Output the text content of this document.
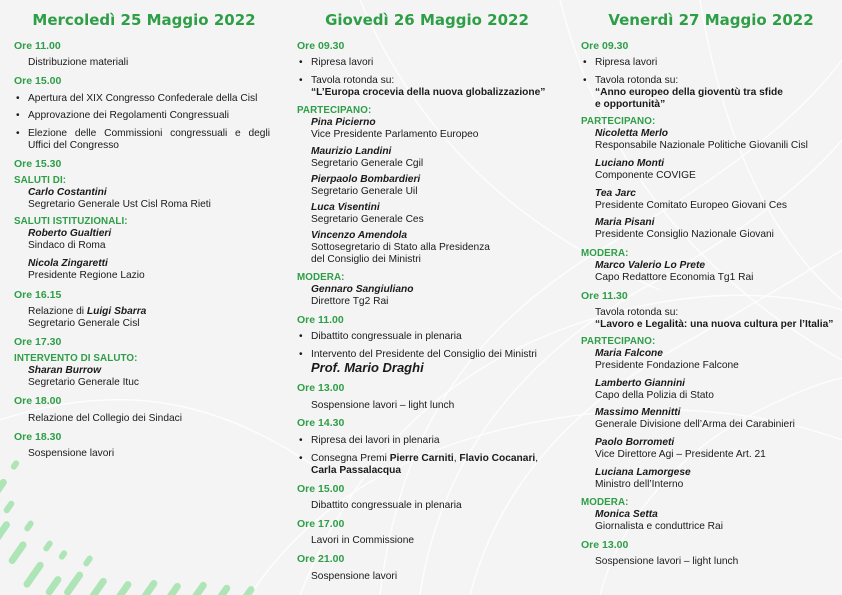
Mercoledì 25 Maggio 2022
Ore 11.00
Distribuzione materiali
Ore 15.00
• Apertura del XIX Congresso Confederale della Cisl
• Approvazione dei Regolamenti Congressuali
• Elezione delle Commissioni congressuali e degli Uffici del Congresso
Ore 15.30
SALUTI DI:
Carlo Costantini
Segretario Generale Ust Cisl Roma Rieti
SALUTI ISTITUZIONALI:
Roberto Gualtieri
Sindaco di Roma
Nicola Zingaretti
Presidente Regione Lazio
Ore 16.15
Relazione di Luigi Sbarra
Segretario Generale Cisl
Ore 17.30
INTERVENTO DI SALUTO:
Sharan Burrow
Segretario Generale Ituc
Ore 18.00
Relazione del Collegio dei Sindaci
Ore 18.30
Sospensione lavori
Giovedì 26 Maggio 2022
Ore 09.30
• Ripresa lavori
• Tavola rotonda su:
“L’Europa crocevia della nuova globalizzazione”
PARTECIPANO:
Pina Picierno
Vice Presidente Parlamento Europeo
Maurizio Landini
Segretario Generale Cgil
Pierpaolo Bombardieri
Segretario Generale Uil
Luca Visentini
Segretario Generale Ces
Vincenzo Amendola
Sottosegretario di Stato alla Presidenza
del Consiglio dei Ministri
MODERA:
Gennaro Sangiuliano
Direttore Tg2 Rai
Ore 11.00
• Dibattito congressuale in plenaria
• Intervento del Presidente del Consiglio dei Ministri
Prof. Mario Draghi
Ore 13.00
Sospensione lavori – light lunch
Ore 14.30
• Ripresa dei lavori in plenaria
• Consegna Premi Pierre Carniti, Flavio Cocanari,
Carla Passalacqua
Ore 15.00
Dibattito congressuale in plenaria
Ore 17.00
Lavori in Commissione
Ore 21.00
Sospensione lavori
Venerdì 27 Maggio 2022
Ore 09.30
• Ripresa lavori
• Tavola rotonda su:
“Anno europeo della gioventù tra sfide
e opportunità”
PARTECIPANO:
Nicoletta Merlo
Responsabile Nazionale Politiche Giovanili Cisl
Luciano Monti
Componente COVIGE
Tea Jarc
Presidente Comitato Europeo Giovani Ces
Maria Pisani
Presidente Consiglio Nazionale Giovani
MODERA:
Marco Valerio Lo Prete
Capo Redattore Economia Tg1 Rai
Ore 11.30
Tavola rotonda su:
“Lavoro e Legalità: una nuova cultura per l’Italia”
PARTECIPANO:
Maria Falcone
Presidente Fondazione Falcone
Lamberto Giannini
Capo della Polizia di Stato
Massimo Mennitti
Generale Divisione dell’Arma dei Carabinieri
Paolo Borrometi
Vice Direttore Agi – Presidente Art. 21
Luciana Lamorgese
Ministro dell’Interno
MODERA:
Monica Setta
Giornalista e conduttrice Rai
Ore 13.00
Sospensione lavori – light lunch
